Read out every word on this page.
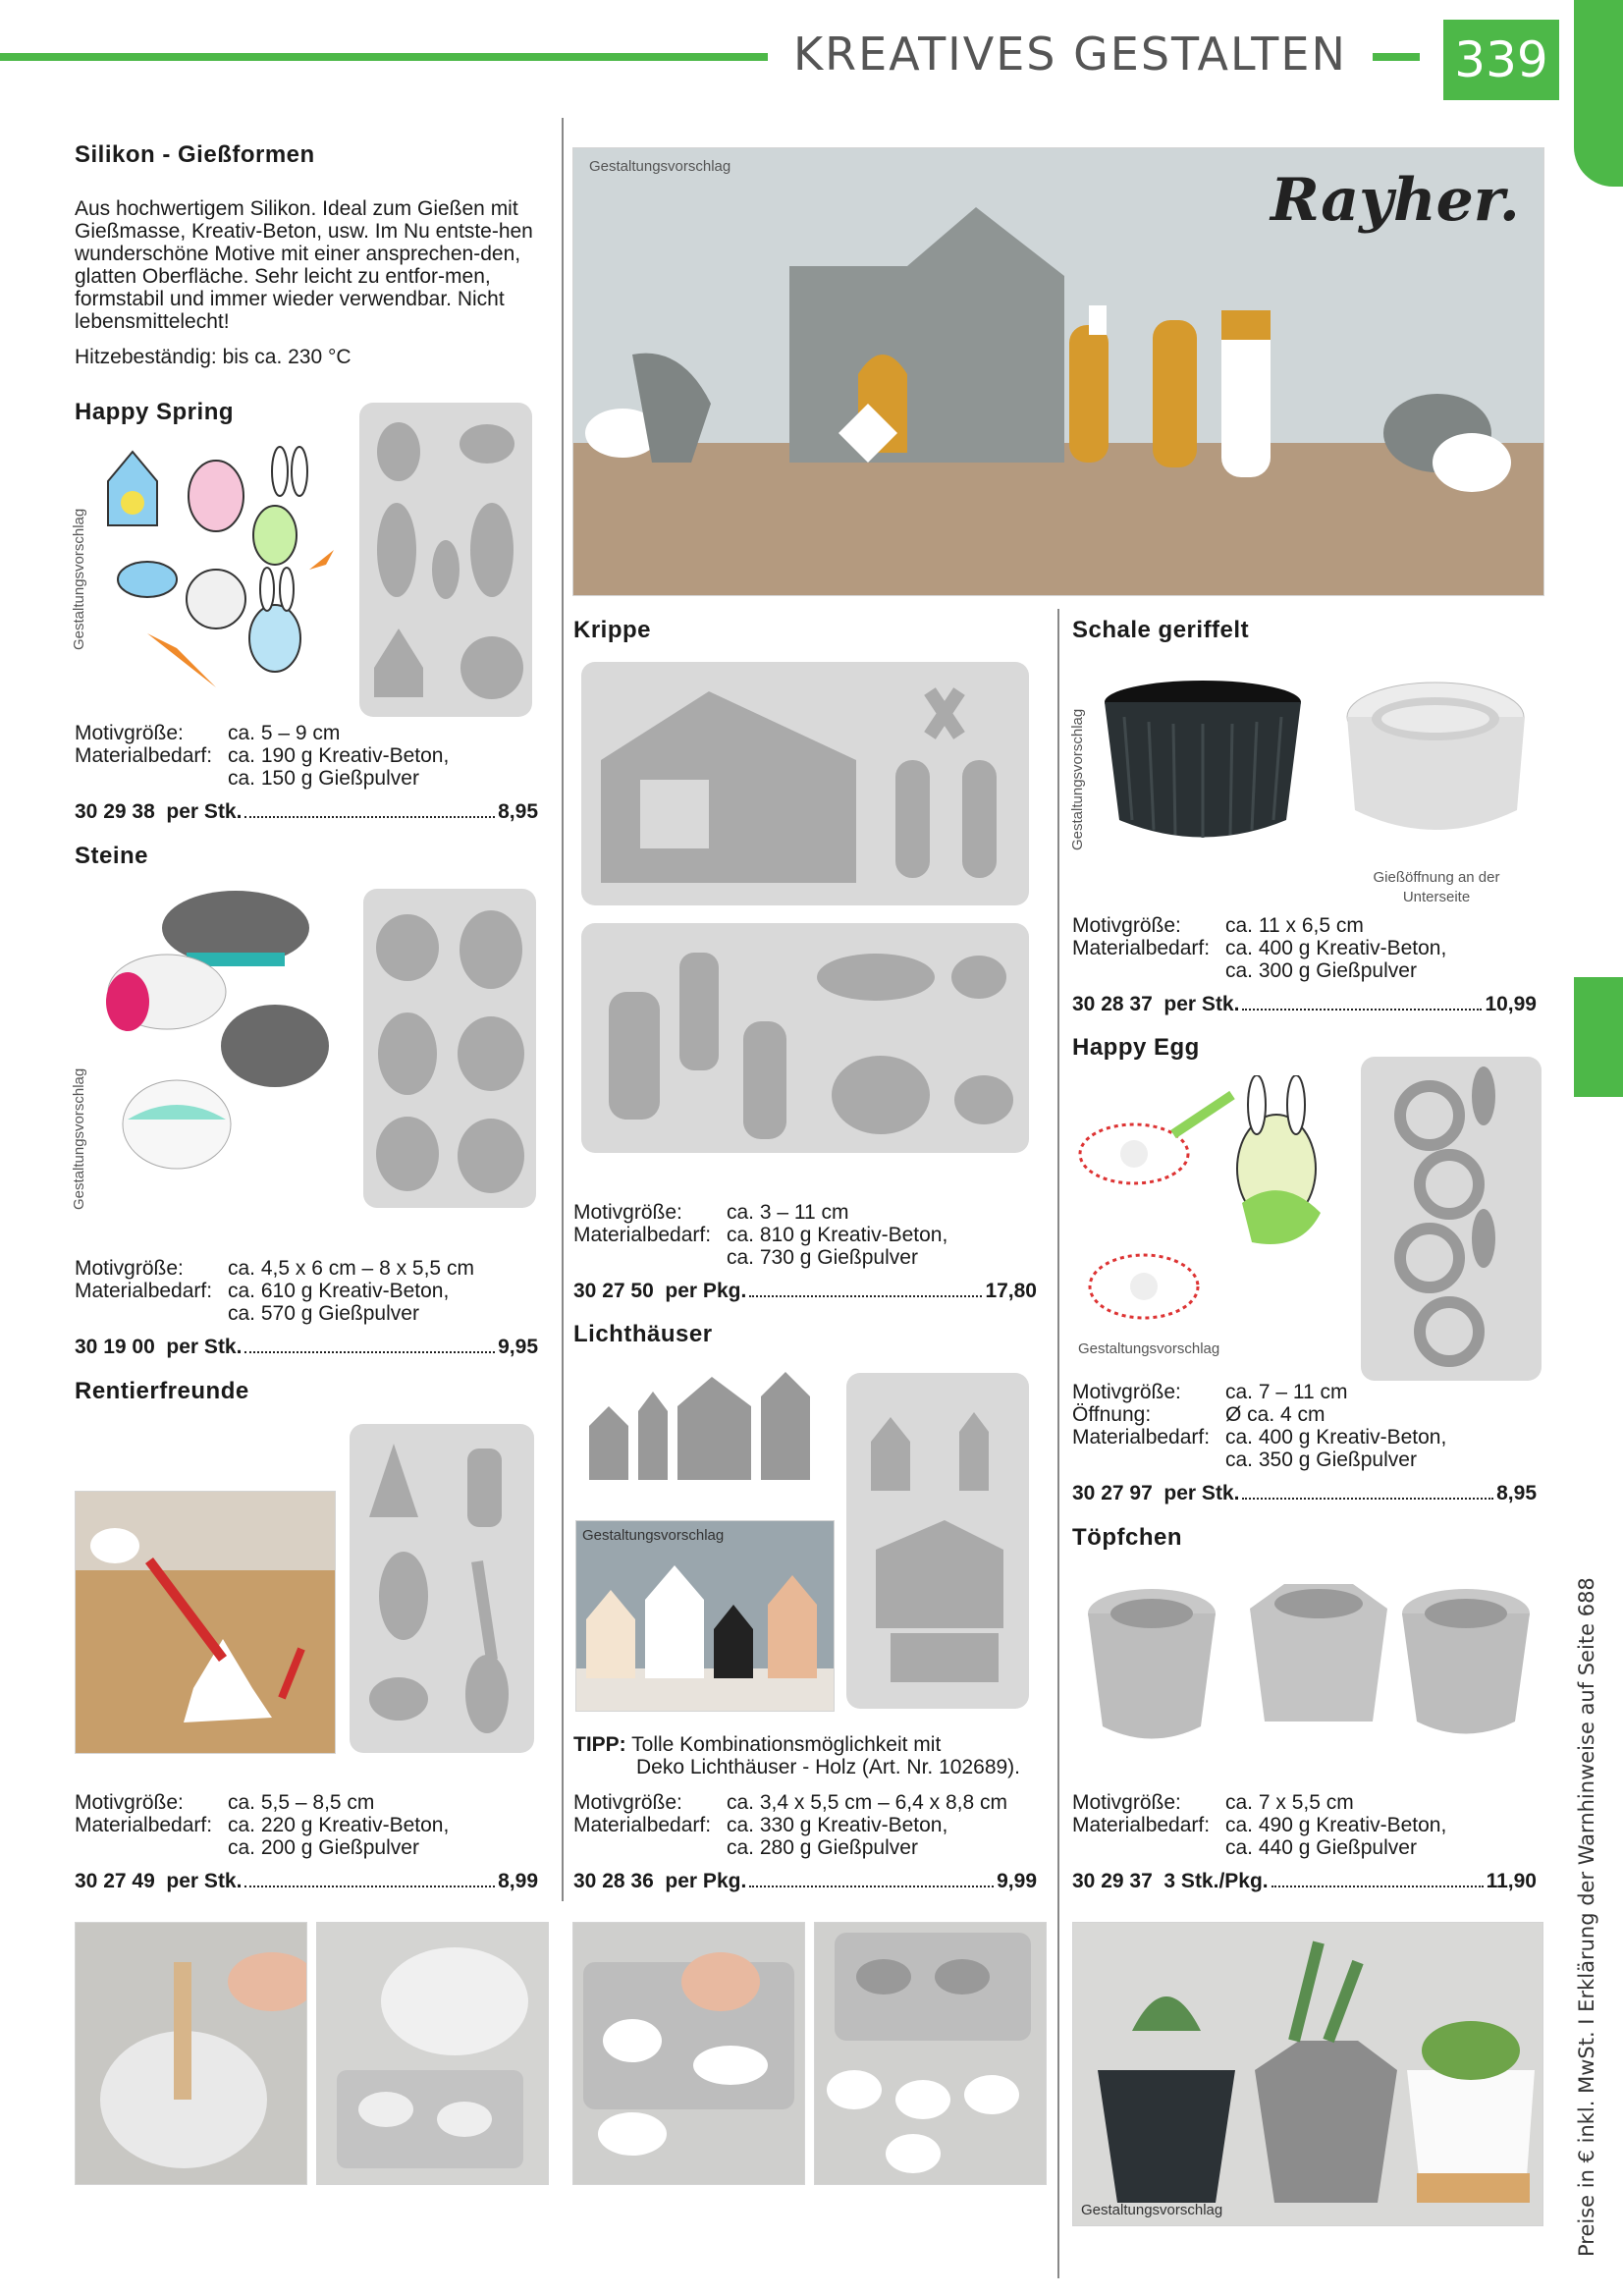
KREATIVES GESTALTEN 339
Preise in € inkl. MwSt. I Erklärung der Warnhinweise auf Seite 688
Silikon - Gießformen
Aus hochwertigem Silikon. Ideal zum Gießen mit Gießmasse, Kreativ-Beton, usw. Im Nu entste-hen wunderschöne Motive mit einer ansprechen-den, glatten Oberfläche. Sehr leicht zu entfor-men, formstabil und immer wieder verwendbar. Nicht lebensmittelecht!
Hitzebeständig: bis ca. 230 °C
Happy Spring
Gestaltungsvorschlag
Motivgröße:	ca. 5 – 9 cm
Materialbedarf:	ca. 190 g Kreativ-Beton,
	ca. 150 g Gießpulver
30 29 38
per Stk.	8,95
Steine
Gestaltungsvorschlag
Motivgröße:	ca. 4,5 x 6 cm – 8 x 5,5 cm
Materialbedarf:	ca. 610 g Kreativ-Beton,
	ca. 570 g Gießpulver
30 19 00
per Stk.	9,95
Rentierfreunde
Motivgröße:	ca. 5,5 – 8,5 cm
Materialbedarf:	ca. 220 g Kreativ-Beton,
	ca. 200 g Gießpulver
30 27 49
per Stk.	8,99
Gestaltungsvorschlag	Rayher.
Krippe
Motivgröße:	ca. 3 – 11 cm
Materialbedarf:	ca. 810 g Kreativ-Beton,
	ca. 730 g Gießpulver
30 27 50
per Pkg.	17,80
Lichthäuser
Gestaltungsvorschlag
TIPP: Tolle Kombinationsmöglichkeit mit
Deko Lichthäuser - Holz (Art. Nr. 102689).
Motivgröße:	ca. 3,4 x 5,5 cm – 6,4 x 8,8 cm
Materialbedarf:	ca. 330 g Kreativ-Beton,
	ca. 280 g Gießpulver
30 28 36
per Pkg.	9,99
Schale geriffelt
Gestaltungsvorschlag
Gießöffnung an der
Unterseite
Motivgröße:	ca. 11 x 6,5 cm
Materialbedarf:	ca. 400 g Kreativ-Beton,
	ca. 300 g Gießpulver
30 28 37
per Stk.	10,99
Happy Egg
Gestaltungsvorschlag
Motivgröße:	ca. 7 – 11 cm
Öffnung:	Ø ca. 4 cm
Materialbedarf:	ca. 400 g Kreativ-Beton,
	ca. 350 g Gießpulver
30 27 97
per Stk.	8,95
Töpfchen
Motivgröße:	ca. 7 x 5,5 cm
Materialbedarf:	ca. 490 g Kreativ-Beton,
	ca. 440 g Gießpulver
30 29 37
3 Stk./Pkg.	11,90
Gestaltungsvorschlag
